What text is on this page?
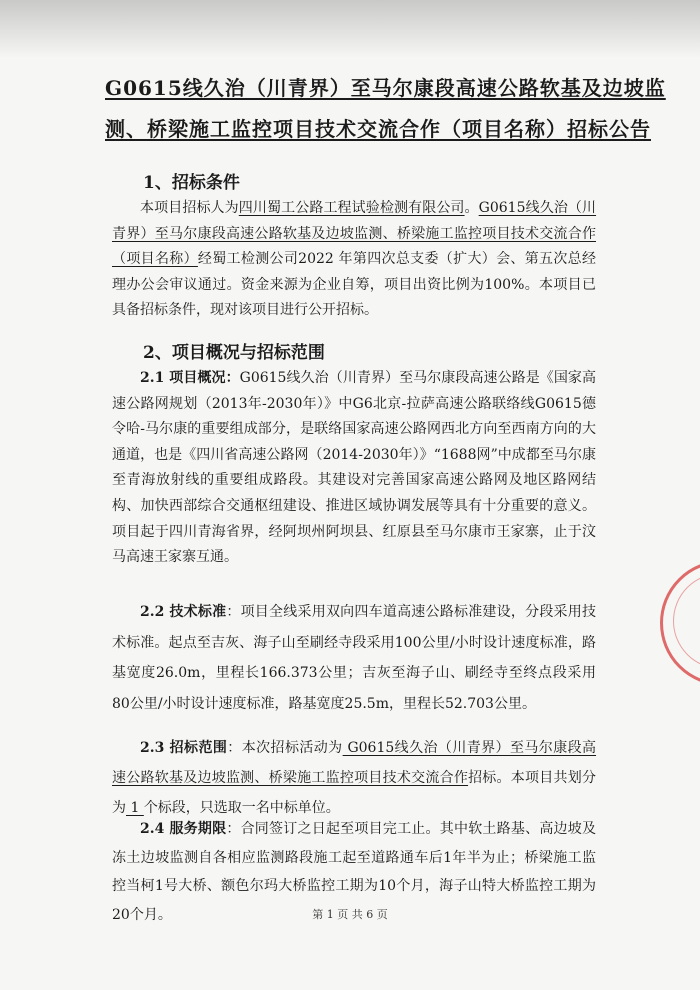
G0615线久治（川青界）至马尔康段高速公路软基及边坡监
测、桥梁施工监控项目技术交流合作（项目名称）招标公告
1、招标条件
本项目招标人为四川蜀工公路工程试验检测有限公司。G0615线久治（川青界）至马尔康段高速公路软基及边坡监测、桥梁施工监控项目技术交流合作（项目名称）经蜀工检测公司2022 年第四次总支委（扩大）会、第五次总经理办公会审议通过。资金来源为企业自筹，项目出资比例为100%。本项目已具备招标条件，现对该项目进行公开招标。
2、项目概况与招标范围
2.1 项目概况：G0615线久治（川青界）至马尔康段高速公路是《国家高速公路网规划（2013年-2030年）》中G6北京-拉萨高速公路联络线G0615德令哈-马尔康的重要组成部分，是联络国家高速公路网西北方向至西南方向的大通道，也是《四川省高速公路网（2014-2030年）》“1688网”中成都至马尔康至青海放射线的重要组成路段。其建设对完善国家高速公路网及地区路网结构、加快西部综合交通枢纽建设、推进区域协调发展等具有十分重要的意义。项目起于四川青海省界，经阿坝州阿坝县、红原县至马尔康市王家寨，止于汶马高速王家寨互通。
2.2 技术标准：项目全线采用双向四车道高速公路标准建设，分段采用技术标准。起点至吉灰、海子山至刷经寺段采用100公里/小时设计速度标准，路基宽度26.0m，里程长166.373公里；吉灰至海子山、刷经寺至终点段采用80公里/小时设计速度标准，路基宽度25.5m，里程长52.703公里。
2.3 招标范围：本次招标活动为 G0615线久治（川青界）至马尔康段高速公路软基及边坡监测、桥梁施工监控项目技术交流合作招标。本项目共划分为 1 个标段，只选取一名中标单位。
2.4 服务期限：合同签订之日起至项目完工止。其中软土路基、高边坡及冻土边坡监测自各相应监测路段施工起至道路通车后1年半为止；桥梁施工监控当柯1号大桥、额色尔玛大桥监控工期为10个月，海子山特大桥监控工期为20个月。	第 1 页 共 6 页
